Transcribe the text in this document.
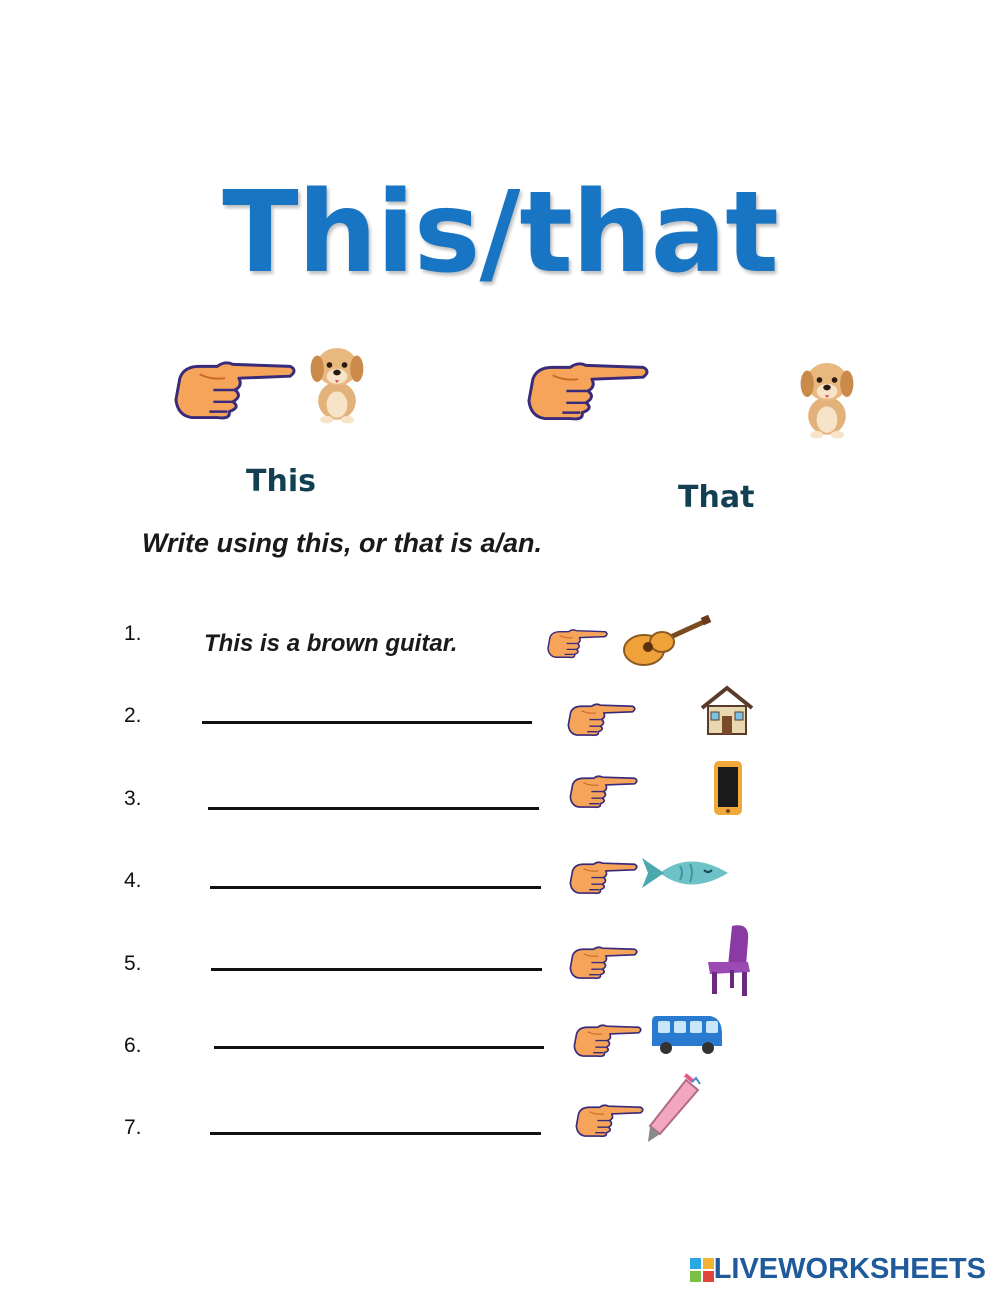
This/that
This	That
Write using this, or that is a/an.
1.	This is a brown guitar.
2.
3.
4.
5.
6.
7.
LIVEWORKSHEETS
